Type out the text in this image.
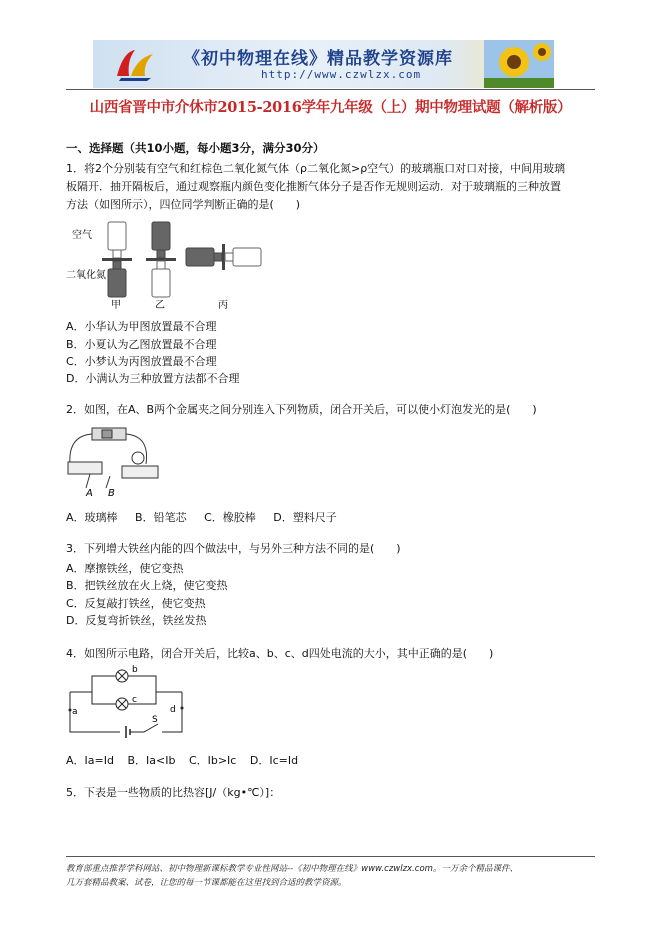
《初中物理在线》精品教学资源库
http://www.czwlzx.com
山西省晋中市介休市2015-2016学年九年级（上）期中物理试题（解析版）
一、选择题（共10小题，每小题3分，满分30分）
1．将2个分别装有空气和红棕色二氧化氮气体（ρ二氧化氮>ρ空气）的玻璃瓶口对口对接，中间用玻璃
板隔开．抽开隔板后，通过观察瓶内颜色变化推断气体分子是否作无规则运动．对于玻璃瓶的三种放置
方法（如图所示），四位同学判断正确的是(　　)
空气
二氧化氮
甲	乙	丙
A．小华认为甲图放置最不合理
B．小夏认为乙图放置最不合理
C．小梦认为丙图放置最不合理
D．小满认为三种放置方法都不合理
2．如图，在A、B两个金属夹之间分别连入下列物质，闭合开关后，可以使小灯泡发光的是(　　)
A B
A．玻璃棒 B．铅笔芯 C．橡胶棒 D．塑料尺子
3．下列增大铁丝内能的四个做法中，与另外三种方法不同的是(　　)
A．摩擦铁丝，使它变热
B．把铁丝放在火上烧，使它变热
C．反复敲打铁丝，使它变热
D．反复弯折铁丝，铁丝发热
4．如图所示电路，闭合开关后，比较a、b、c、d四处电流的大小，其中正确的是(　　)
a
b
c
d
S
A．Ia=Id B．Ia<Ib C．Ib>Ic D．Ic=Id
5．下表是一些物质的比热容[J/（kg•℃）]：
教育部重点推荐学科网站、初中物理新课标教学专业性网站--《初中物理在线》www.czwlzx.com。一万余个精品课件、
几万套精品教案、试卷，让您的每一节课都能在这里找到合适的教学资源。
